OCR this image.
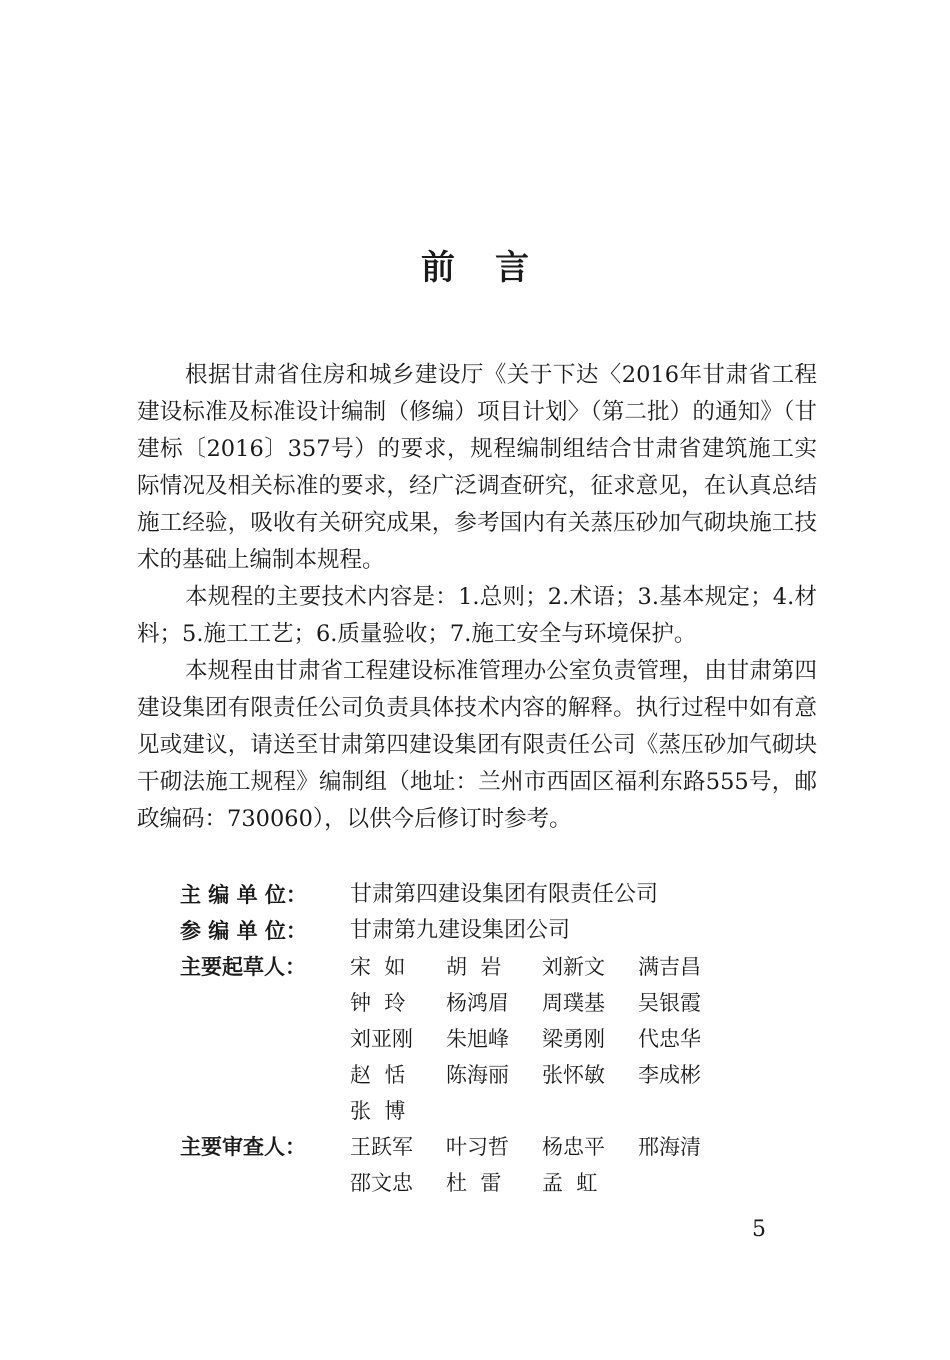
前言

根据甘肃省住房和城乡建设厅《关于下达〈2016年甘肃省工程建设标准及标准设计编制（修编）项目计划〉（第二批）的通知》（甘建标〔2016〕357号）的要求，规程编制组结合甘肃省建筑施工实际情况及相关标准的要求，经广泛调查研究，征求意见，在认真总结施工经验，吸收有关研究成果，参考国内有关蒸压砂加气砌块施工技术的基础上编制本规程。

本规程的主要技术内容是：1.总则；2.术语；3.基本规定；4.材料；5.施工工艺；6.质量验收；7.施工安全与环境保护。

本规程由甘肃省工程建设标准管理办公室负责管理，由甘肃第四建设集团有限责任公司负责具体技术内容的解释。执行过程中如有意见或建议，请送至甘肃第四建设集团有限责任公司《蒸压砂加气砌块干砌法施工规程》编制组（地址：兰州市西固区福利东路555号，邮政编码：730060），以供今后修订时参考。

主 编 单 位：	甘肃第四建设集团有限责任公司
参 编 单 位：	甘肃第九建设集团公司
主要起草人：	宋  如	胡  岩	刘新文	满吉昌
钟  玲	杨鸿眉	周璞基	吴银霞
刘亚刚	朱旭峰	梁勇刚	代忠华
赵  恬	陈海丽	张怀敏	李成彬
张  博
主要审查人：	王跃军	叶习哲	杨忠平	邢海清
邵文忠	杜  雷	孟  虹
5
